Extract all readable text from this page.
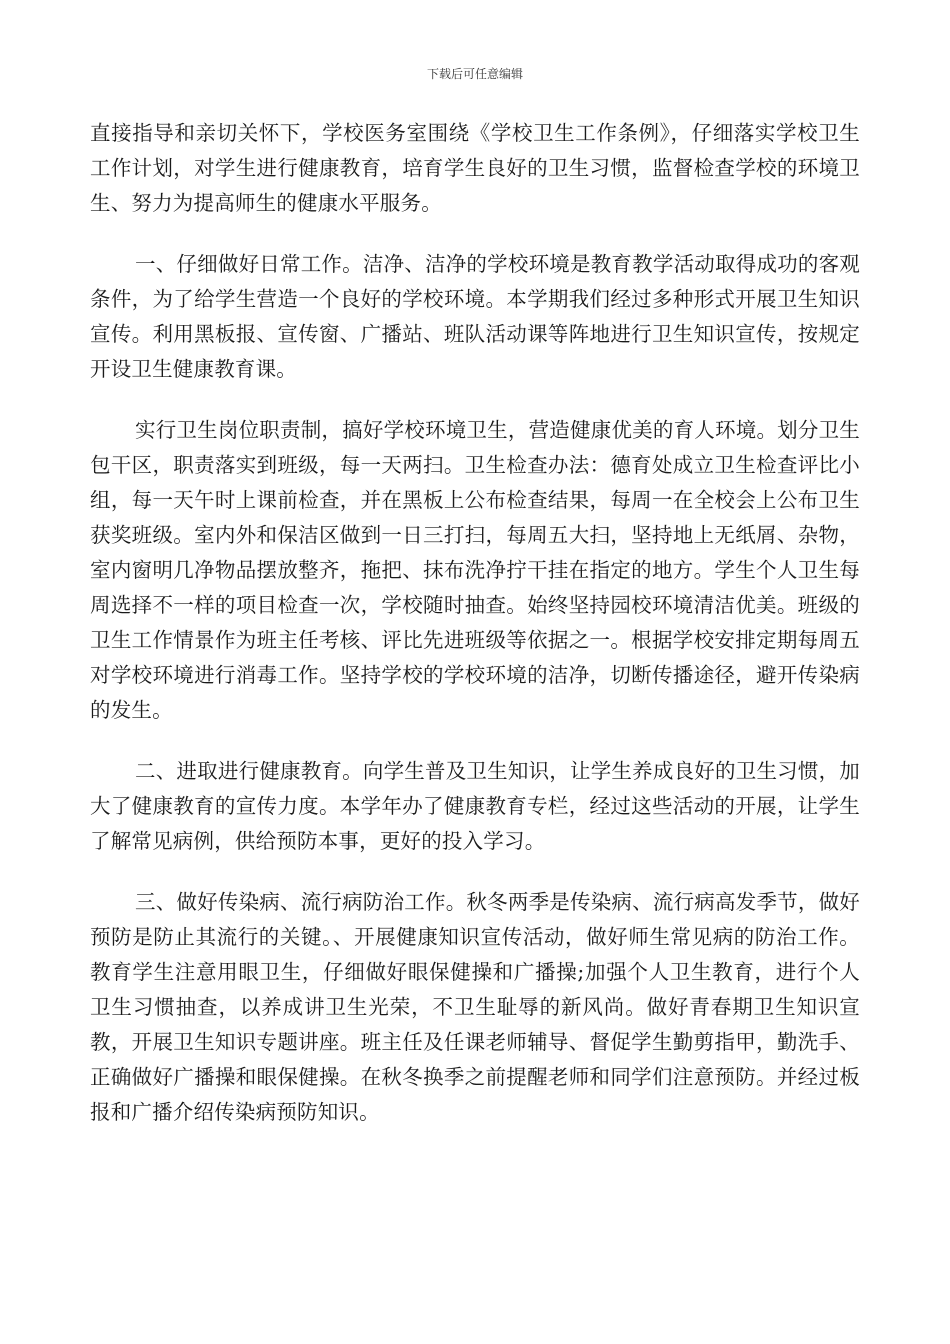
下载后可任意编辑

直接指导和亲切关怀下，学校医务室围绕《学校卫生工作条例》，仔细落实学校卫生工作计划，对学生进行健康教育，培育学生良好的卫生习惯，监督检查学校的环境卫生、努力为提高师生的健康水平服务。

一、仔细做好日常工作。洁净、洁净的学校环境是教育教学活动取得成功的客观条件，为了给学生营造一个良好的学校环境。本学期我们经过多种形式开展卫生知识宣传。利用黑板报、宣传窗、广播站、班队活动课等阵地进行卫生知识宣传，按规定开设卫生健康教育课。

实行卫生岗位职责制，搞好学校环境卫生，营造健康优美的育人环境。划分卫生包干区，职责落实到班级，每一天两扫。卫生检查办法：德育处成立卫生检查评比小组，每一天午时上课前检查，并在黑板上公布检查结果，每周一在全校会上公布卫生获奖班级。室内外和保洁区做到一日三打扫，每周五大扫，坚持地上无纸屑、杂物，室内窗明几净物品摆放整齐，拖把、抹布洗净拧干挂在指定的地方。学生个人卫生每周选择不一样的项目检查一次，学校随时抽查。始终坚持园校环境清洁优美。班级的卫生工作情景作为班主任考核、评比先进班级等依据之一。根据学校安排定期每周五对学校环境进行消毒工作。坚持学校的学校环境的洁净，切断传播途径，避开传染病的发生。

二、进取进行健康教育。向学生普及卫生知识，让学生养成良好的卫生习惯，加大了健康教育的宣传力度。本学年办了健康教育专栏，经过这些活动的开展，让学生了解常见病例，供给预防本事，更好的投入学习。

三、做好传染病、流行病防治工作。秋冬两季是传染病、流行病高发季节，做好预防是防止其流行的关键。、开展健康知识宣传活动，做好师生常见病的防治工作。教育学生注意用眼卫生，仔细做好眼保健操和广播操;加强个人卫生教育，进行个人卫生习惯抽查，以养成讲卫生光荣，不卫生耻辱的新风尚。做好青春期卫生知识宣教，开展卫生知识专题讲座。班主任及任课老师辅导、督促学生勤剪指甲，勤洗手、正确做好广播操和眼保健操。在秋冬换季之前提醒老师和同学们注意预防。并经过板报和广播介绍传染病预防知识。
